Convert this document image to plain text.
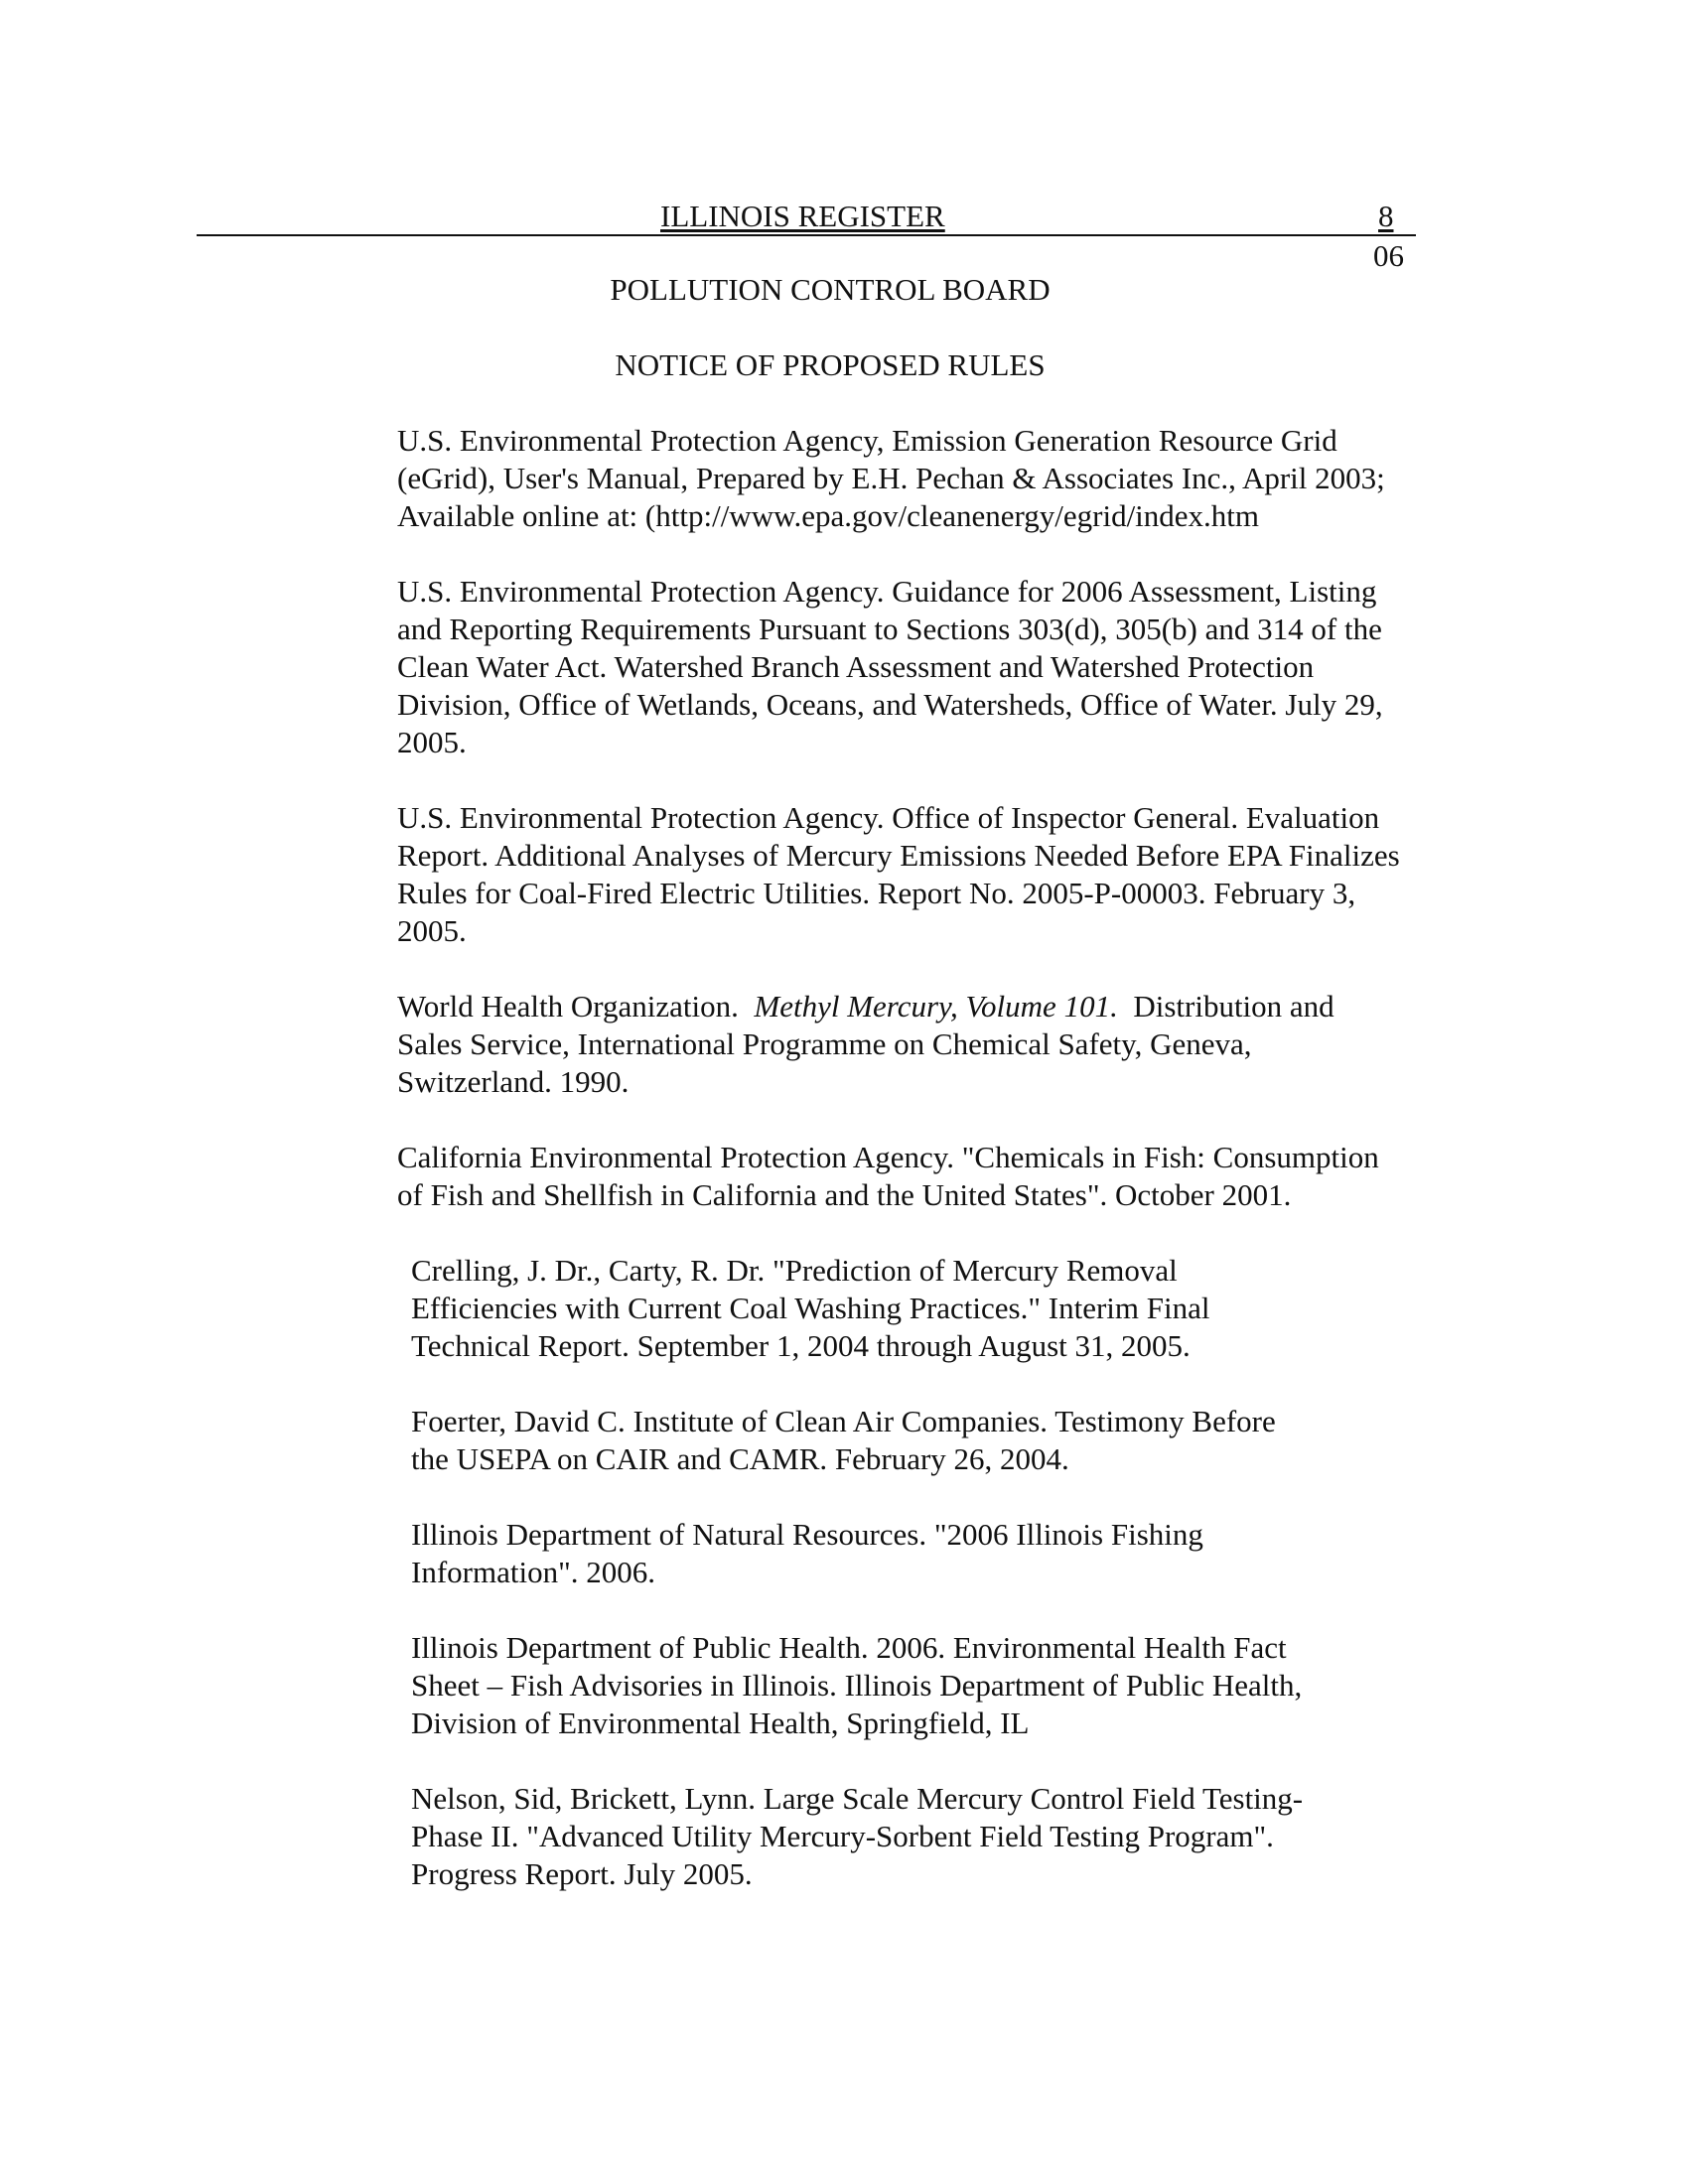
ILLINOIS REGISTER	8
06
POLLUTION CONTROL BOARD
NOTICE OF PROPOSED RULES
U.S. Environmental Protection Agency, Emission Generation Resource Grid
(eGrid), User's Manual, Prepared by E.H. Pechan & Associates Inc., April 2003;
Available online at: (http://www.epa.gov/cleanenergy/egrid/index.htm
U.S. Environmental Protection Agency. Guidance for 2006 Assessment, Listing
and Reporting Requirements Pursuant to Sections 303(d), 305(b) and 314 of the
Clean Water Act. Watershed Branch Assessment and Watershed Protection
Division, Office of Wetlands, Oceans, and Watersheds, Office of Water. July 29,
2005.
U.S. Environmental Protection Agency. Office of Inspector General. Evaluation
Report. Additional Analyses of Mercury Emissions Needed Before EPA Finalizes
Rules for Coal-Fired Electric Utilities. Report No. 2005-P-00003. February 3,
2005.
World Health Organization.  Methyl Mercury, Volume 101.  Distribution and
Sales Service, International Programme on Chemical Safety, Geneva,
Switzerland. 1990.
California Environmental Protection Agency. "Chemicals in Fish: Consumption
of Fish and Shellfish in California and the United States". October 2001.
Crelling, J. Dr., Carty, R. Dr. "Prediction of Mercury Removal
Efficiencies with Current Coal Washing Practices." Interim Final
Technical Report. September 1, 2004 through August 31, 2005.
Foerter, David C. Institute of Clean Air Companies. Testimony Before
the USEPA on CAIR and CAMR. February 26, 2004.
Illinois Department of Natural Resources. "2006 Illinois Fishing
Information". 2006.
Illinois Department of Public Health. 2006. Environmental Health Fact
Sheet – Fish Advisories in Illinois. Illinois Department of Public Health,
Division of Environmental Health, Springfield, IL
Nelson, Sid, Brickett, Lynn. Large Scale Mercury Control Field Testing-
Phase II. "Advanced Utility Mercury-Sorbent Field Testing Program".
Progress Report. July 2005.
